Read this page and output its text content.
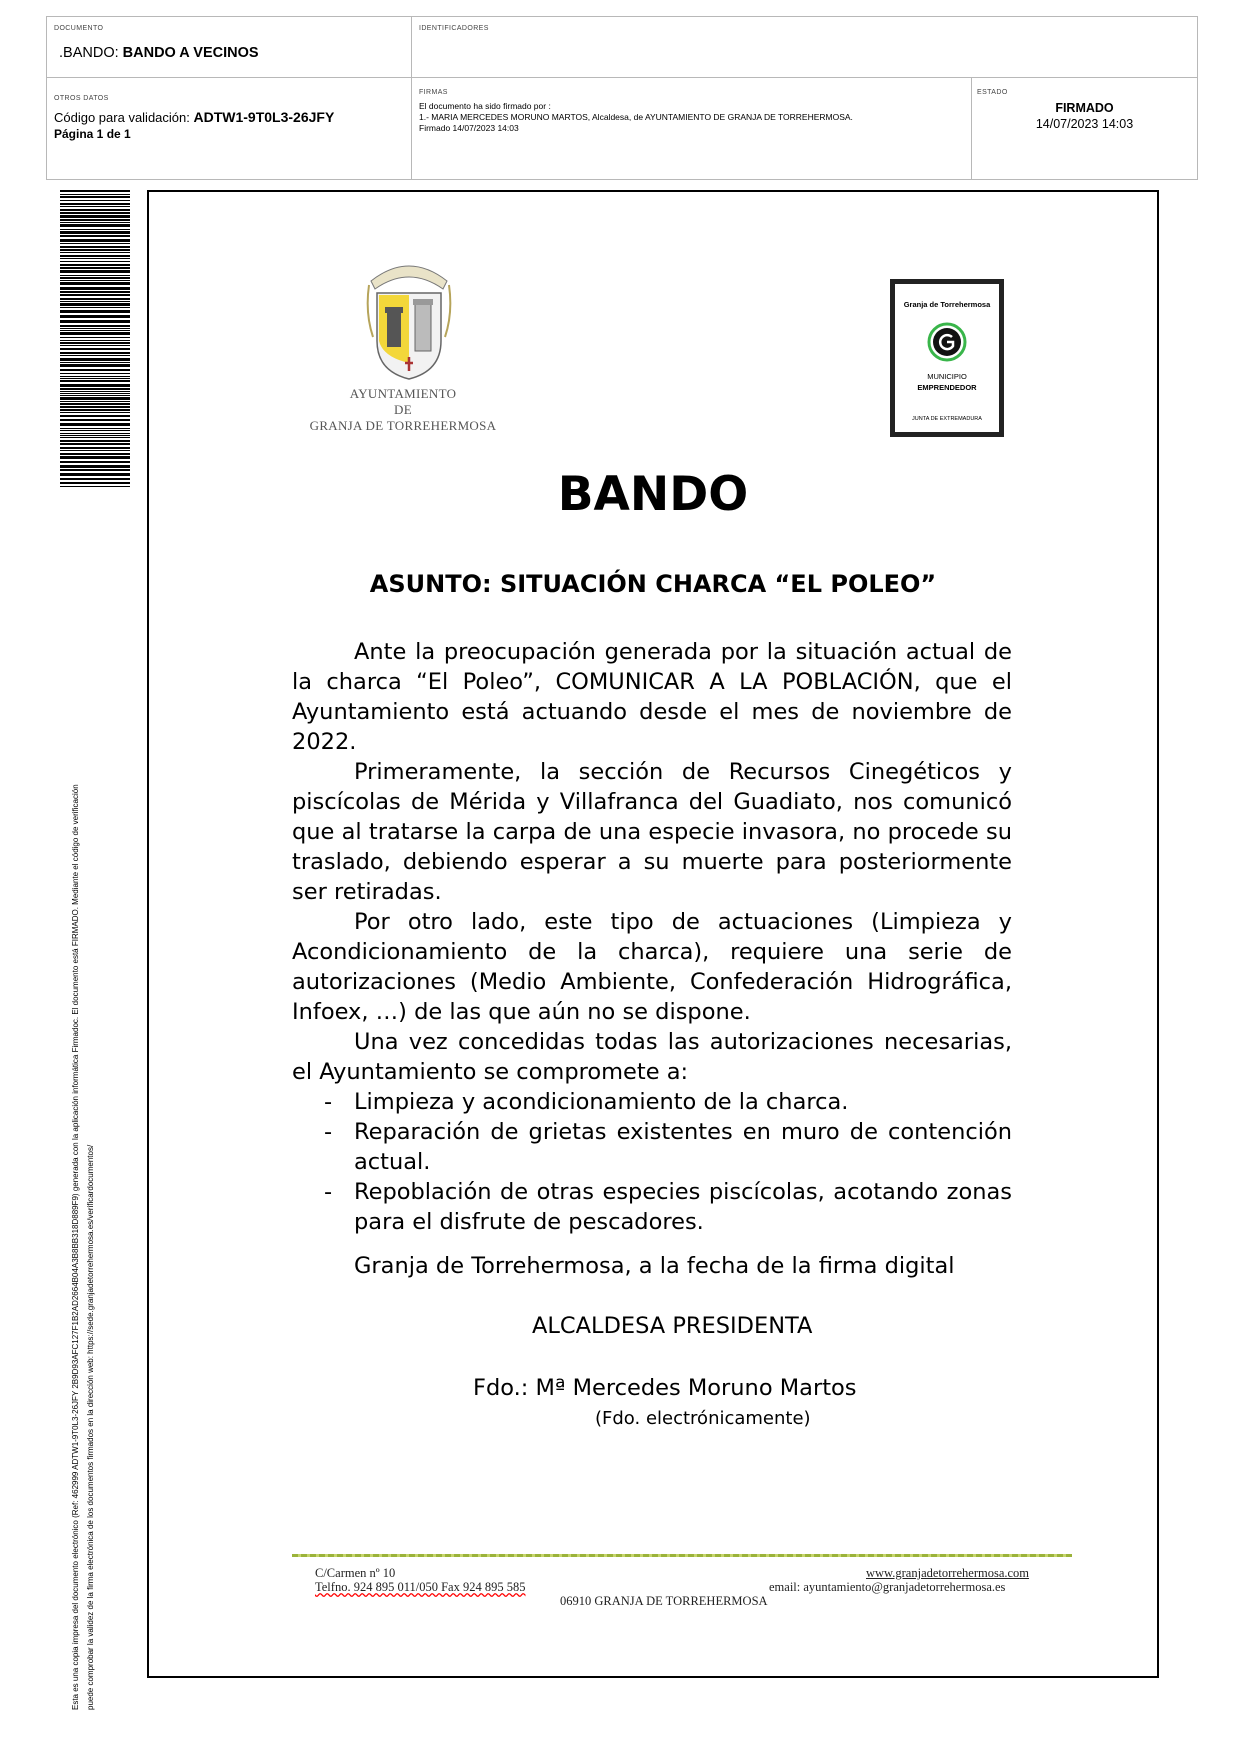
DOCUMENTO
.BANDO: BANDO A VECINOS
IDENTIFICADORES
OTROS DATOS
Código para validación: ADTW1-9T0L3-26JFY
Página 1 de 1
FIRMAS
El documento ha sido firmado por :
1.- MARIA MERCEDES MORUNO MARTOS, Alcaldesa, de AYUNTAMIENTO DE GRANJA DE TORREHERMOSA.
Firmado 14/07/2023 14:03
ESTADO
FIRMADO
14/07/2023 14:03
Esta es una copia impresa del documento electrónico (Ref: 462999 ADTW1-9T0L3-26JFY 2B9D93AFC127F1B2AD2664B04A3B8BB318D889F9) generada con la aplicación informática Firmadoc. El documento está FIRMADO. Mediante el código de verificación puede comprobar la validez de la firma electrónica de los documentos firmados en la dirección web: https://sede.granjadetorrehermosa.es/verificardocumentos/
AYUNTAMIENTO
DE
GRANJA DE TORREHERMOSA
Granja de Torrehermosa
MUNICIPIO
EMPRENDEDOR
JUNTA DE EXTREMADURA
BANDO
ASUNTO: SITUACIÓN CHARCA “EL POLEO”

Ante la preocupación generada por la situación actual de la charca “El Poleo”, COMUNICAR A LA POBLACIÓN, que el Ayuntamiento está actuando desde el mes de noviembre de 2022.

Primeramente, la sección de Recursos Cinegéticos y piscícolas de Mérida y Villafranca del Guadiato, nos comunicó que al tratarse la carpa de una especie invasora, no procede su traslado, debiendo esperar a su muerte para posteriormente ser retiradas.

Por otro lado, este tipo de actuaciones (Limpieza y Acondicionamiento de la charca), requiere una serie de autorizaciones (Medio Ambiente, Confederación Hidrográfica, Infoex, …) de las que aún no se dispone.

Una vez concedidas todas las autorizaciones necesarias, el Ayuntamiento se compromete a:

- Limpieza y acondicionamiento de la charca.
- Reparación de grietas existentes en muro de contención actual.
- Repoblación de otras especies piscícolas, acotando zonas para el disfrute de pescadores.
Granja de Torrehermosa, a la fecha de la firma digital
ALCALDESA PRESIDENTA
Fdo.: Mª Mercedes Moruno Martos
(Fdo. electrónicamente)
C/Carmen nº 10
Telfno. 924 895 011/050 Fax 924 895 585
06910 GRANJA DE TORREHERMOSA
www.granjadetorrehermosa.com
email: ayuntamiento@granjadetorrehermosa.es
